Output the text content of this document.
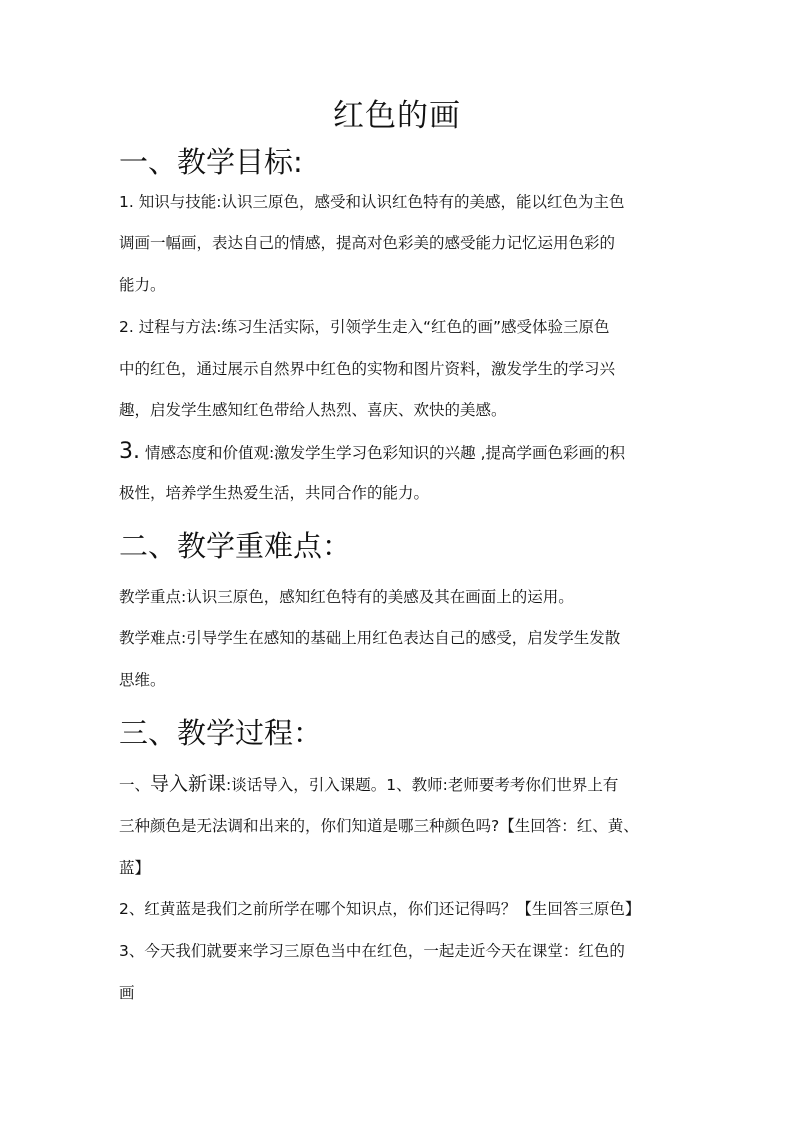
红色的画
一、教学目标:

1. 知识与技能:认识三原色，感受和认识红色特有的美感，能以红色为主色

调画一幅画，表达自己的情感，提高对色彩美的感受能力记忆运用色彩的

能力。

2. 过程与方法:练习生活实际，引领学生走入“红色的画”感受体验三原色

中的红色，通过展示自然界中红色的实物和图片资料，激发学生的学习兴

趣，启发学生感知红色带给人热烈、喜庆、欢快的美感。

3. 情感态度和价值观:激发学生学习色彩知识的兴趣 ,提高学画色彩画的积

极性，培养学生热爱生活，共同合作的能力。

二、教学重难点：

教学重点:认识三原色，感知红色特有的美感及其在画面上的运用。

教学难点:引导学生在感知的基础上用红色表达自己的感受，启发学生发散

思维。

三、教学过程：

一、导入新课:谈话导入，引入课题。1、教师:老师要考考你们世界上有

三种颜色是无法调和出来的，你们知道是哪三种颜色吗?【生回答：红、黄、

蓝】

2、红黄蓝是我们之前所学在哪个知识点，你们还记得吗？【生回答三原色】

3、今天我们就要来学习三原色当中在红色，一起走近今天在课堂：红色的

画
